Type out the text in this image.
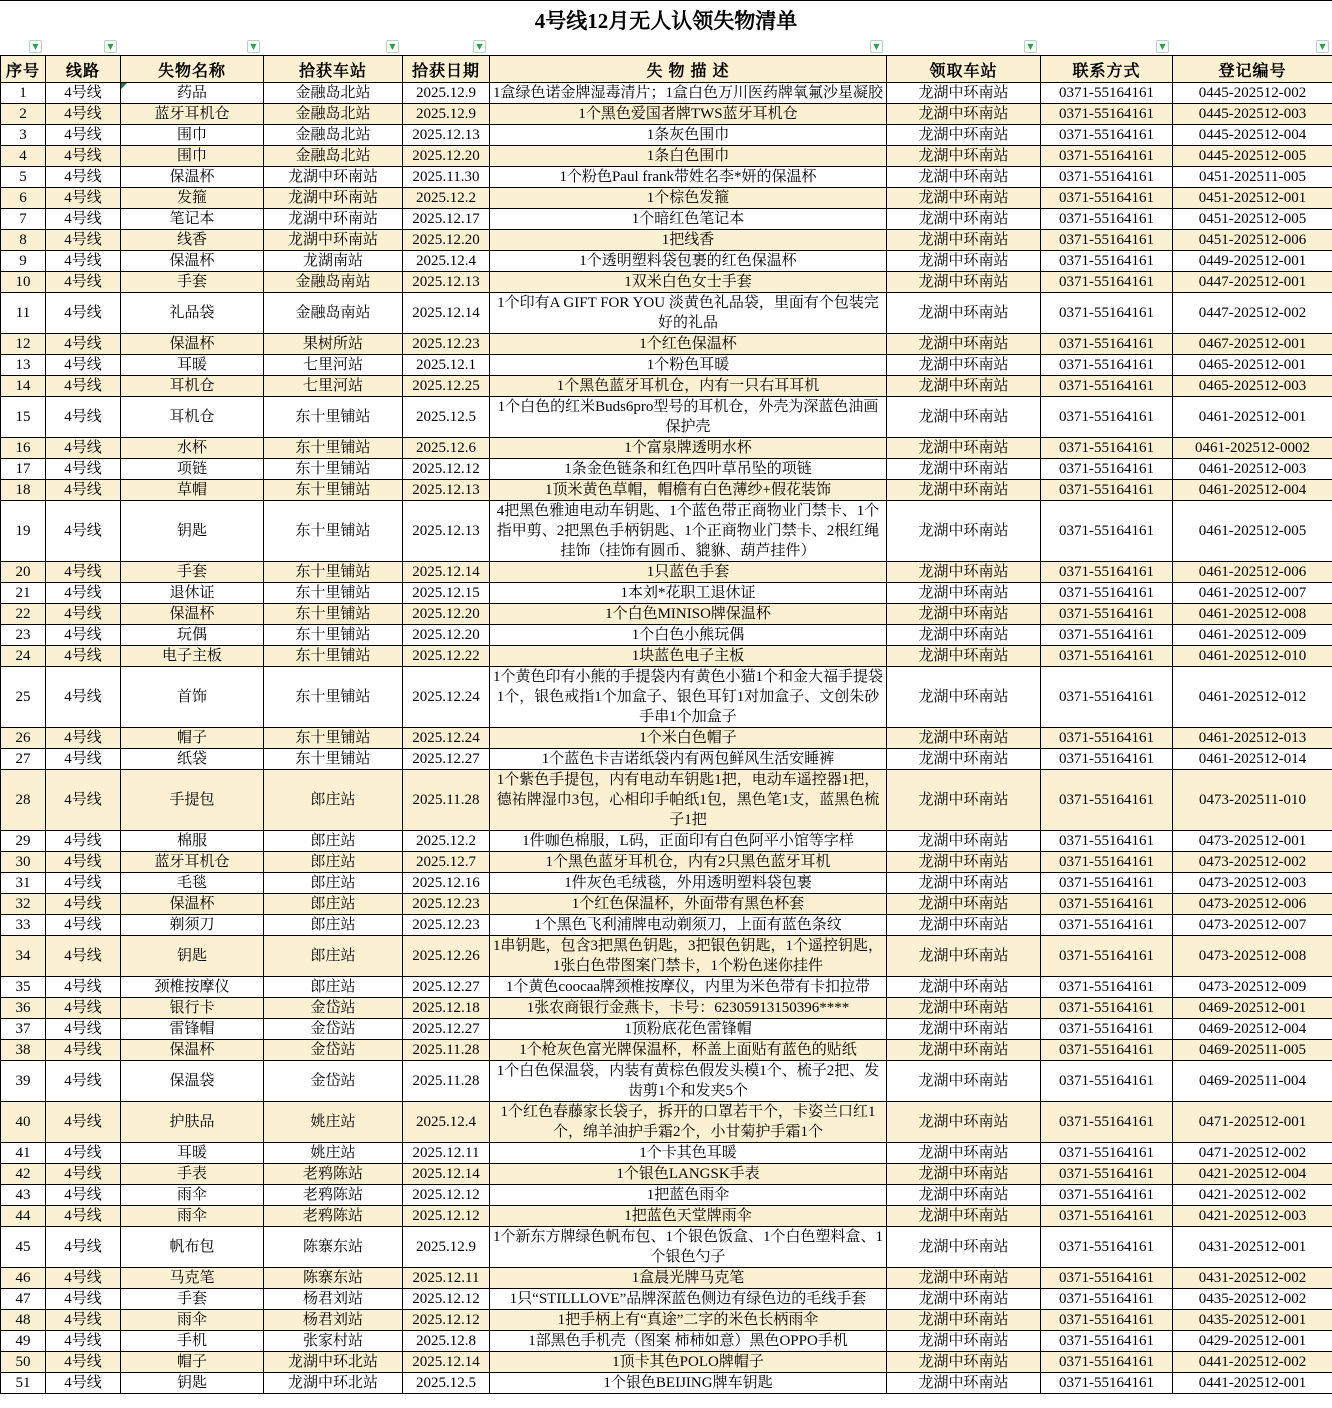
4号线12月无人认领失物清单
▼	▼	▼	▼	▼	▼	▼	▼	▼
序号	线路	失物名称	拾获车站	拾获日期	失 物 描 述	领取车站	联系方式	登记编号
1	4号线	药品	金融岛北站	2025.12.9	1盒绿色诺金牌湿毒清片；1盒白色万川医药牌氧氟沙星凝胶	龙湖中环南站	0371-55164161	0445-202512-002
2	4号线	蓝牙耳机仓	金融岛北站	2025.12.9	1个黑色爱国者牌TWS蓝牙耳机仓	龙湖中环南站	0371-55164161	0445-202512-003
3	4号线	围巾	金融岛北站	2025.12.13	1条灰色围巾	龙湖中环南站	0371-55164161	0445-202512-004
4	4号线	围巾	金融岛北站	2025.12.20	1条白色围巾	龙湖中环南站	0371-55164161	0445-202512-005
5	4号线	保温杯	龙湖中环南站	2025.11.30	1个粉色Paul frank带姓名李*妍的保温杯	龙湖中环南站	0371-55164161	0451-202511-005
6	4号线	发箍	龙湖中环南站	2025.12.2	1个棕色发箍	龙湖中环南站	0371-55164161	0451-202512-001
7	4号线	笔记本	龙湖中环南站	2025.12.17	1个暗红色笔记本	龙湖中环南站	0371-55164161	0451-202512-005
8	4号线	线香	龙湖中环南站	2025.12.20	1把线香	龙湖中环南站	0371-55164161	0451-202512-006
9	4号线	保温杯	龙湖南站	2025.12.4	1个透明塑料袋包裹的红色保温杯	龙湖中环南站	0371-55164161	0449-202512-001
10	4号线	手套	金融岛南站	2025.12.13	1双米白色女士手套	龙湖中环南站	0371-55164161	0447-202512-001
11	4号线	礼品袋	金融岛南站	2025.12.14	1个印有A GIFT FOR YOU 淡黄色礼品袋，里面有个包装完好的礼品	龙湖中环南站	0371-55164161	0447-202512-002
12	4号线	保温杯	果树所站	2025.12.23	1个红色保温杯	龙湖中环南站	0371-55164161	0467-202512-001
13	4号线	耳暖	七里河站	2025.12.1	1个粉色耳暖	龙湖中环南站	0371-55164161	0465-202512-001
14	4号线	耳机仓	七里河站	2025.12.25	1个黑色蓝牙耳机仓，内有一只右耳耳机	龙湖中环南站	0371-55164161	0465-202512-003
15	4号线	耳机仓	东十里铺站	2025.12.5	1个白色的红米Buds6pro型号的耳机仓，外壳为深蓝色油画保护壳	龙湖中环南站	0371-55164161	0461-202512-001
16	4号线	水杯	东十里铺站	2025.12.6	1个富泉牌透明水杯	龙湖中环南站	0371-55164161	0461-202512-0002
17	4号线	项链	东十里铺站	2025.12.12	1条金色链条和红色四叶草吊坠的项链	龙湖中环南站	0371-55164161	0461-202512-003
18	4号线	草帽	东十里铺站	2025.12.13	1顶米黄色草帽，帽檐有白色薄纱+假花装饰	龙湖中环南站	0371-55164161	0461-202512-004
19	4号线	钥匙	东十里铺站	2025.12.13	4把黑色雅迪电动车钥匙、1个蓝色带正商物业门禁卡、1个指甲剪、2把黑色手柄钥匙、1个正商物业门禁卡、2根红绳挂饰（挂饰有圆币、貔貅、葫芦挂件）	龙湖中环南站	0371-55164161	0461-202512-005
20	4号线	手套	东十里铺站	2025.12.14	1只蓝色手套	龙湖中环南站	0371-55164161	0461-202512-006
21	4号线	退休证	东十里铺站	2025.12.15	1本刘*花职工退休证	龙湖中环南站	0371-55164161	0461-202512-007
22	4号线	保温杯	东十里铺站	2025.12.20	1个白色MINISO牌保温杯	龙湖中环南站	0371-55164161	0461-202512-008
23	4号线	玩偶	东十里铺站	2025.12.20	1个白色小熊玩偶	龙湖中环南站	0371-55164161	0461-202512-009
24	4号线	电子主板	东十里铺站	2025.12.22	1块蓝色电子主板	龙湖中环南站	0371-55164161	0461-202512-010
25	4号线	首饰	东十里铺站	2025.12.24	1个黄色印有小熊的手提袋内有黄色小猫1个和金大福手提袋1个，银色戒指1个加盒子、银色耳钉1对加盒子、文创朱砂手串1个加盒子	龙湖中环南站	0371-55164161	0461-202512-012
26	4号线	帽子	东十里铺站	2025.12.24	1个米白色帽子	龙湖中环南站	0371-55164161	0461-202512-013
27	4号线	纸袋	东十里铺站	2025.12.27	1个蓝色卡吉诺纸袋内有两包鲜风生活安睡裤	龙湖中环南站	0371-55164161	0461-202512-014
28	4号线	手提包	郎庄站	2025.11.28	1个紫色手提包，内有电动车钥匙1把，电动车遥控器1把，德祐牌湿巾3包，心相印手帕纸1包，黑色笔1支，蓝黑色梳子1把	龙湖中环南站	0371-55164161	0473-202511-010
29	4号线	棉服	郎庄站	2025.12.2	1件咖色棉服，L码，正面印有白色阿平小馆等字样	龙湖中环南站	0371-55164161	0473-202512-001
30	4号线	蓝牙耳机仓	郎庄站	2025.12.7	1个黑色蓝牙耳机仓，内有2只黑色蓝牙耳机	龙湖中环南站	0371-55164161	0473-202512-002
31	4号线	毛毯	郎庄站	2025.12.16	1件灰色毛绒毯，外用透明塑料袋包裹	龙湖中环南站	0371-55164161	0473-202512-003
32	4号线	保温杯	郎庄站	2025.12.23	1个红色保温杯，外面带有黑色杯套	龙湖中环南站	0371-55164161	0473-202512-006
33	4号线	剃须刀	郎庄站	2025.12.23	1个黑色飞利浦牌电动剃须刀，上面有蓝色条纹	龙湖中环南站	0371-55164161	0473-202512-007
34	4号线	钥匙	郎庄站	2025.12.26	1串钥匙，包含3把黑色钥匙，3把银色钥匙，1个遥控钥匙，1张白色带图案门禁卡，1个粉色迷你挂件	龙湖中环南站	0371-55164161	0473-202512-008
35	4号线	颈椎按摩仪	郎庄站	2025.12.27	1个黄色coocaa牌颈椎按摩仪，内里为米色带有卡扣拉带	龙湖中环南站	0371-55164161	0473-202512-009
36	4号线	银行卡	金岱站	2025.12.18	1张农商银行金燕卡，卡号：62305913150396****	龙湖中环南站	0371-55164161	0469-202512-001
37	4号线	雷锋帽	金岱站	2025.12.27	1顶粉底花色雷锋帽	龙湖中环南站	0371-55164161	0469-202512-004
38	4号线	保温杯	金岱站	2025.11.28	1个枪灰色富光牌保温杯，杯盖上面贴有蓝色的贴纸	龙湖中环南站	0371-55164161	0469-202511-005
39	4号线	保温袋	金岱站	2025.11.28	1个白色保温袋，内装有黄棕色假发头模1个、梳子2把、发齿剪1个和发夹5个	龙湖中环南站	0371-55164161	0469-202511-004
40	4号线	护肤品	姚庄站	2025.12.4	1个红色春藤家长袋子，拆开的口罩若干个，卡姿兰口红1个，绵羊油护手霜2个，小甘菊护手霜1个	龙湖中环南站	0371-55164161	0471-202512-001
41	4号线	耳暖	姚庄站	2025.12.11	1个卡其色耳暖	龙湖中环南站	0371-55164161	0471-202512-002
42	4号线	手表	老鸦陈站	2025.12.14	1个银色LANGSK手表	龙湖中环南站	0371-55164161	0421-202512-004
43	4号线	雨伞	老鸦陈站	2025.12.12	1把蓝色雨伞	龙湖中环南站	0371-55164161	0421-202512-002
44	4号线	雨伞	老鸦陈站	2025.12.12	1把蓝色天堂牌雨伞	龙湖中环南站	0371-55164161	0421-202512-003
45	4号线	帆布包	陈寨东站	2025.12.9	1个新东方牌绿色帆布包、1个银色饭盒、1个白色塑料盒、1个银色勺子	龙湖中环南站	0371-55164161	0431-202512-001
46	4号线	马克笔	陈寨东站	2025.12.11	1盒晨光牌马克笔	龙湖中环南站	0371-55164161	0431-202512-002
47	4号线	手套	杨君刘站	2025.12.12	1只“STILLLOVE”品牌深蓝色侧边有绿色边的毛线手套	龙湖中环南站	0371-55164161	0435-202512-002
48	4号线	雨伞	杨君刘站	2025.12.12	1把手柄上有“真途”二字的米色长柄雨伞	龙湖中环南站	0371-55164161	0435-202512-001
49	4号线	手机	张家村站	2025.12.8	1部黑色手机壳（图案 柿柿如意）黑色OPPO手机	龙湖中环南站	0371-55164161	0429-202512-001
50	4号线	帽子	龙湖中环北站	2025.12.14	1顶卡其色POLO牌帽子	龙湖中环南站	0371-55164161	0441-202512-002
51	4号线	钥匙	龙湖中环北站	2025.12.5	1个银色BEIJING牌车钥匙	龙湖中环南站	0371-55164161	0441-202512-001
